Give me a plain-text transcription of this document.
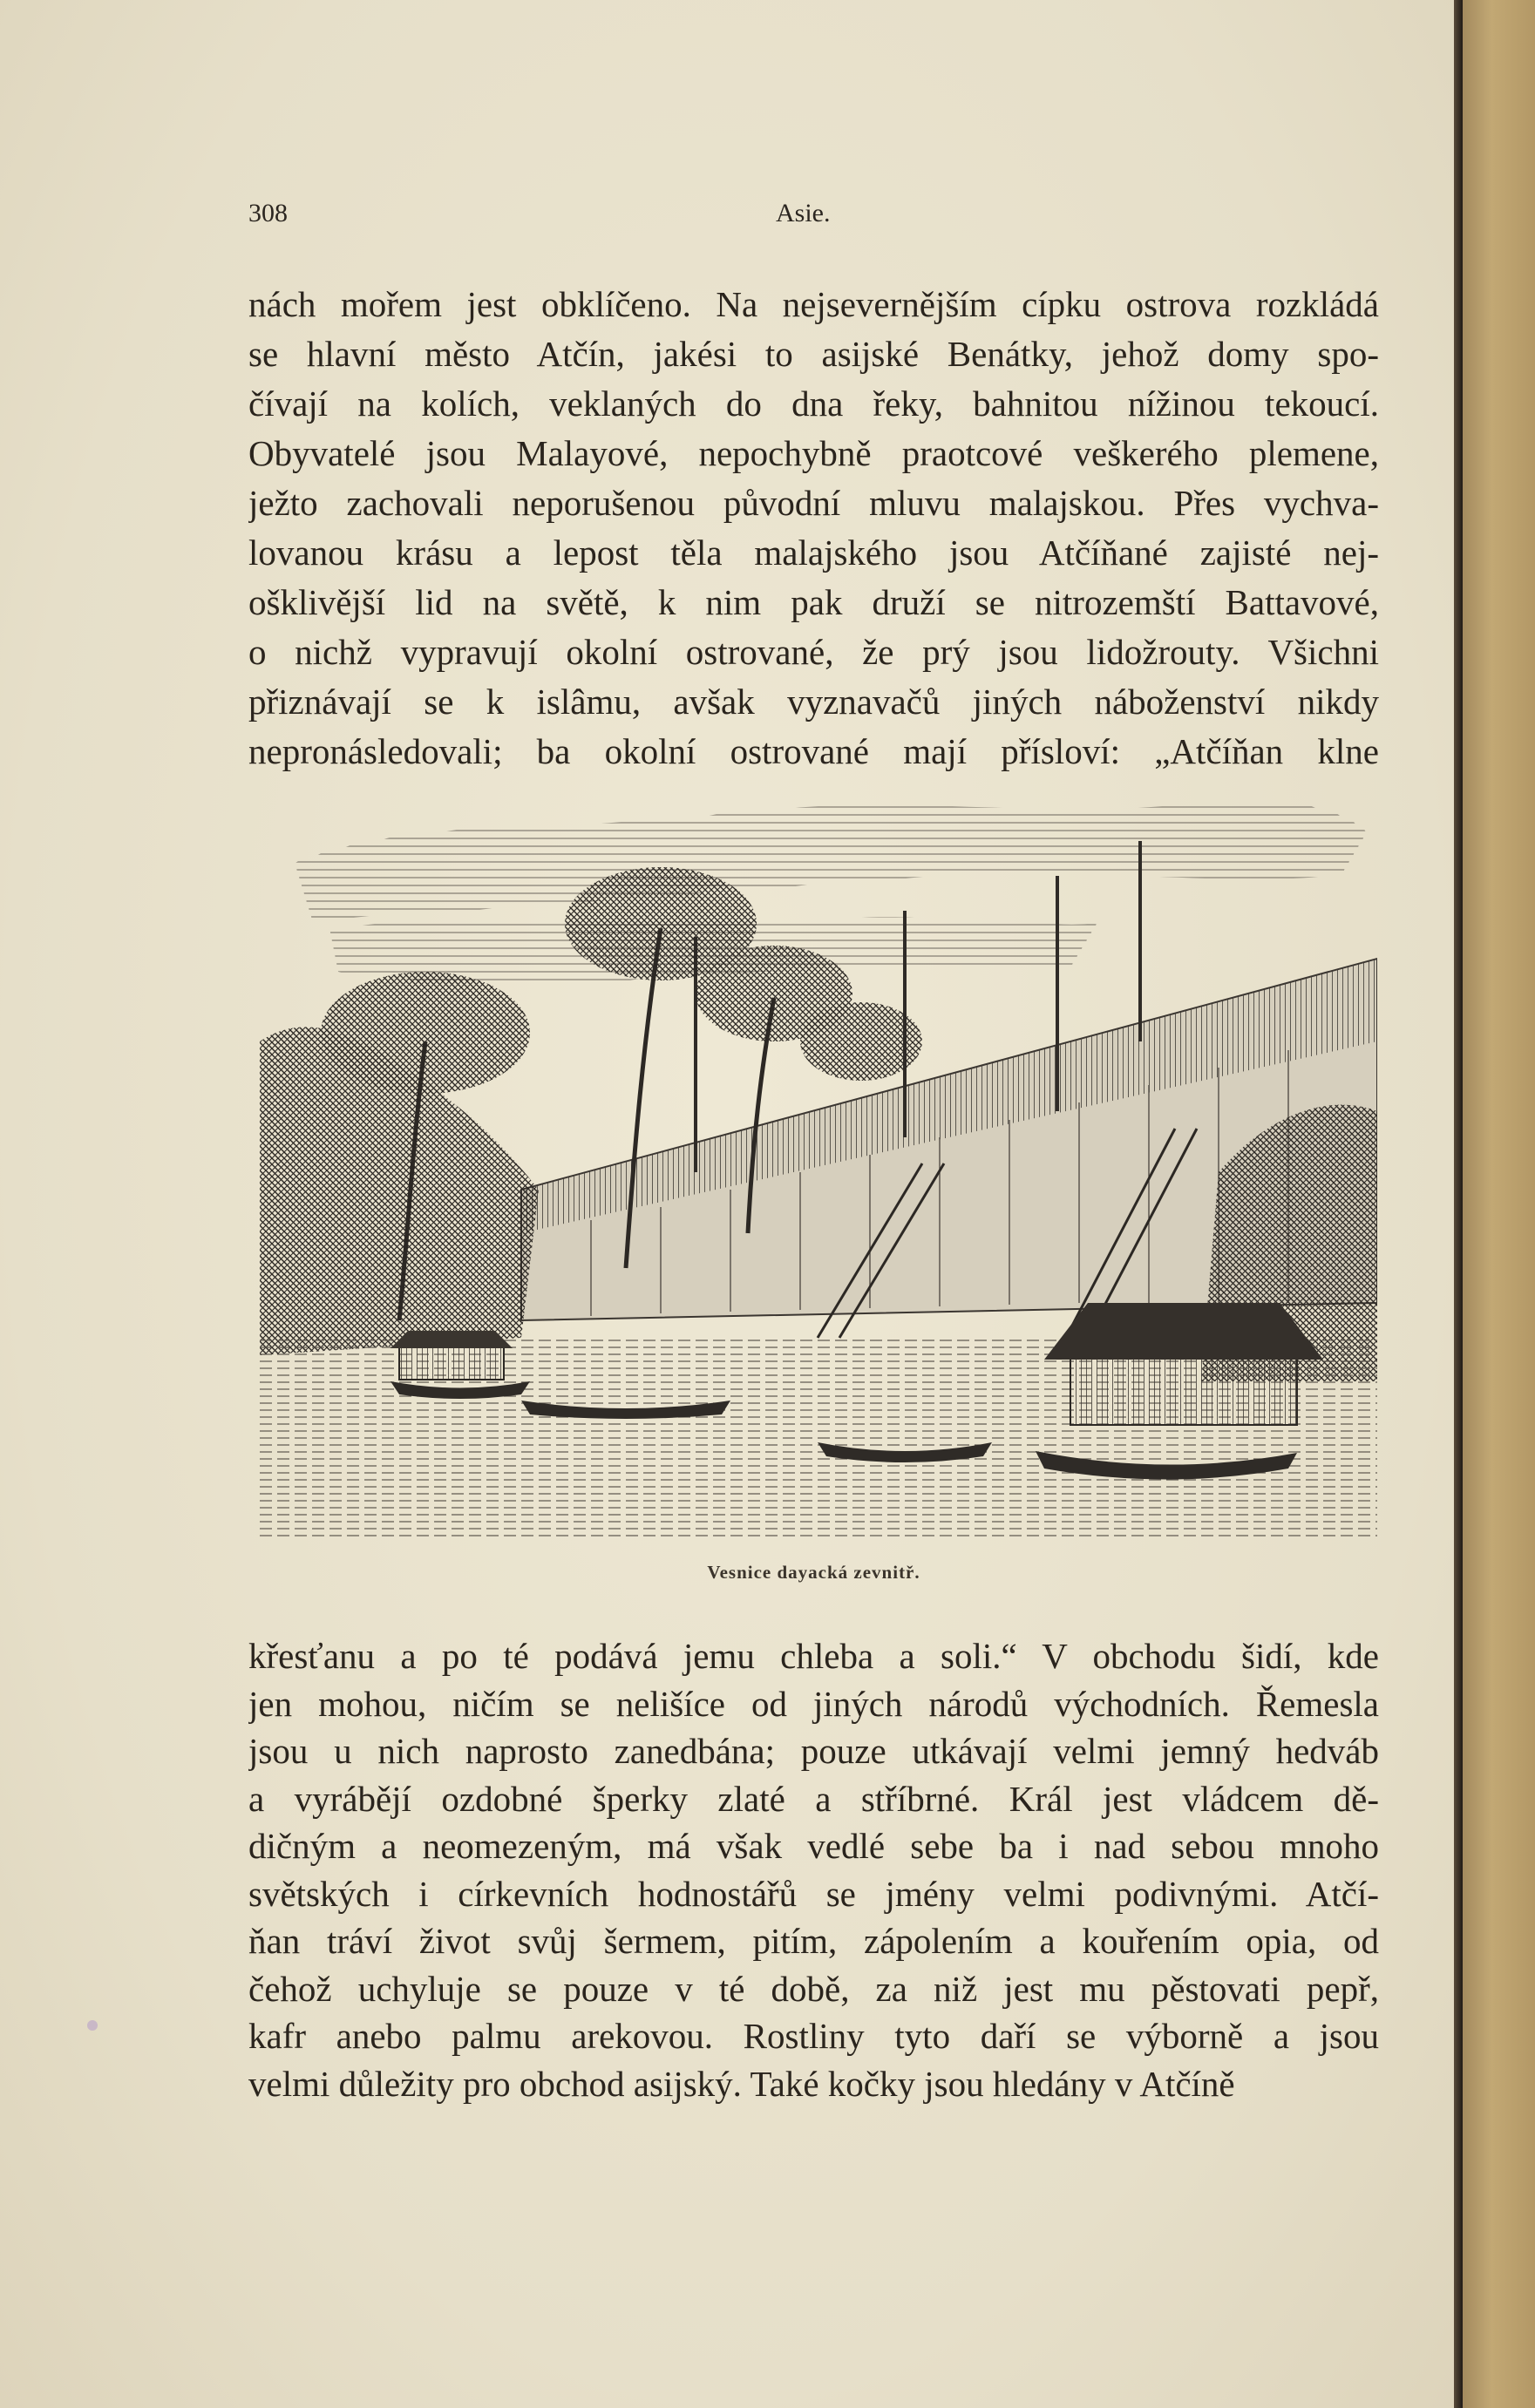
308	Asie.
nách mořem jest obklíčeno. Na nejsevernějším cípku ostrova rozkládá
se hlavní město Atčín, jakési to asijské Benátky, jehož domy spo-
čívají na kolích, veklaných do dna řeky, bahnitou nížinou tekoucí.
Obyvatelé jsou Malayové, nepochybně praotcové veškerého plemene,
ježto zachovali neporušenou původní mluvu malajskou. Přes vychva-
lovanou krásu a lepost těla malajského jsou Atčíňané zajisté nej-
ošklivější lid na světě, k nim pak druží se nitrozemští Battavové,
o nichž vypravují okolní ostrované, že prý jsou lidožrouty. Všichni
přiznávají se k islâmu, avšak vyznavačů jiných náboženství nikdy
nepronásledovali; ba okolní ostrované mají přísloví: „Atčíňan klne
Vesnice dayacká zevnitř.
křesťanu a po té podává jemu chleba a soli.“ V obchodu šidí, kde
jen mohou, ničím se nelišíce od jiných národů východních. Řemesla
jsou u nich naprosto zanedbána; pouze utkávají velmi jemný hedváb
a vyrábějí ozdobné šperky zlaté a stříbrné. Král jest vládcem dě-
dičným a neomezeným, má však vedlé sebe ba i nad sebou mnoho
světských i církevních hodnostářů se jmény velmi podivnými. Atčí-
ňan tráví život svůj šermem, pitím, zápolením a kouřením opia, od
čehož uchyluje se pouze v té době, za niž jest mu pěstovati pepř,
kafr anebo palmu arekovou. Rostliny tyto daří se výborně a jsou
velmi důležity pro obchod asijský. Také kočky jsou hledány v Atčíně
